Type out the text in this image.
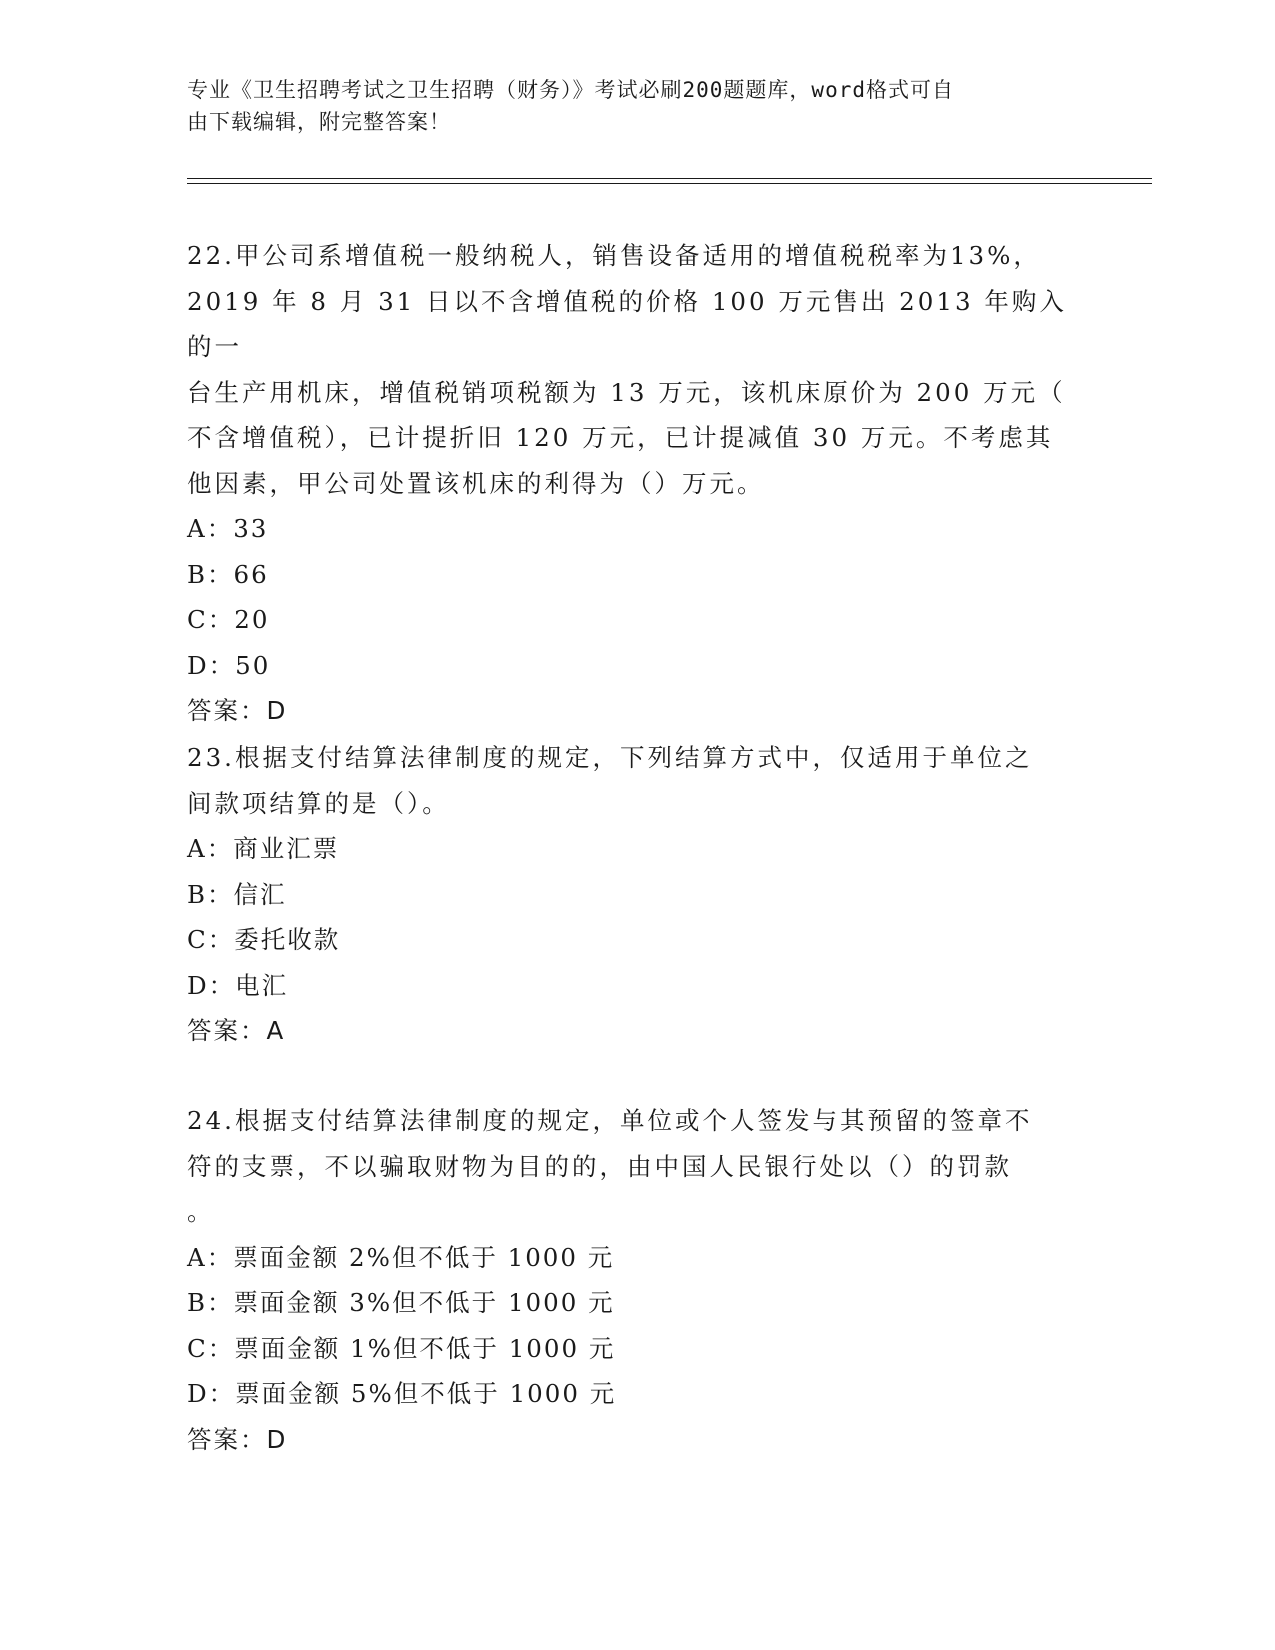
专业《卫生招聘考试之卫生招聘（财务）》考试必刷200题题库，word格式可自
由下载编辑，附完整答案！
22.甲公司系增值税一般纳税人，销售设备适用的增值税税率为13%，
2019 年 8 月 31 日以不含增值税的价格 100 万元售出 2013 年购入的一
台生产用机床，增值税销项税额为 13 万元，该机床原价为 200 万元（
不含增值税），已计提折旧 120 万元，已计提减值 30 万元。不考虑其
他因素，甲公司处置该机床的利得为（）万元。
A：33
B：66
C：20
D：50
答案：D
23.根据支付结算法律制度的规定，下列结算方式中，仅适用于单位之
间款项结算的是（）。
A：商业汇票
B：信汇
C：委托收款
D：电汇
答案：A
24.根据支付结算法律制度的规定，单位或个人签发与其预留的签章不
符的支票，不以骗取财物为目的的，由中国人民银行处以（）的罚款
。
A：票面金额 2%但不低于 1000 元
B：票面金额 3%但不低于 1000 元
C：票面金额 1%但不低于 1000 元
D：票面金额 5%但不低于 1000 元
答案：D
